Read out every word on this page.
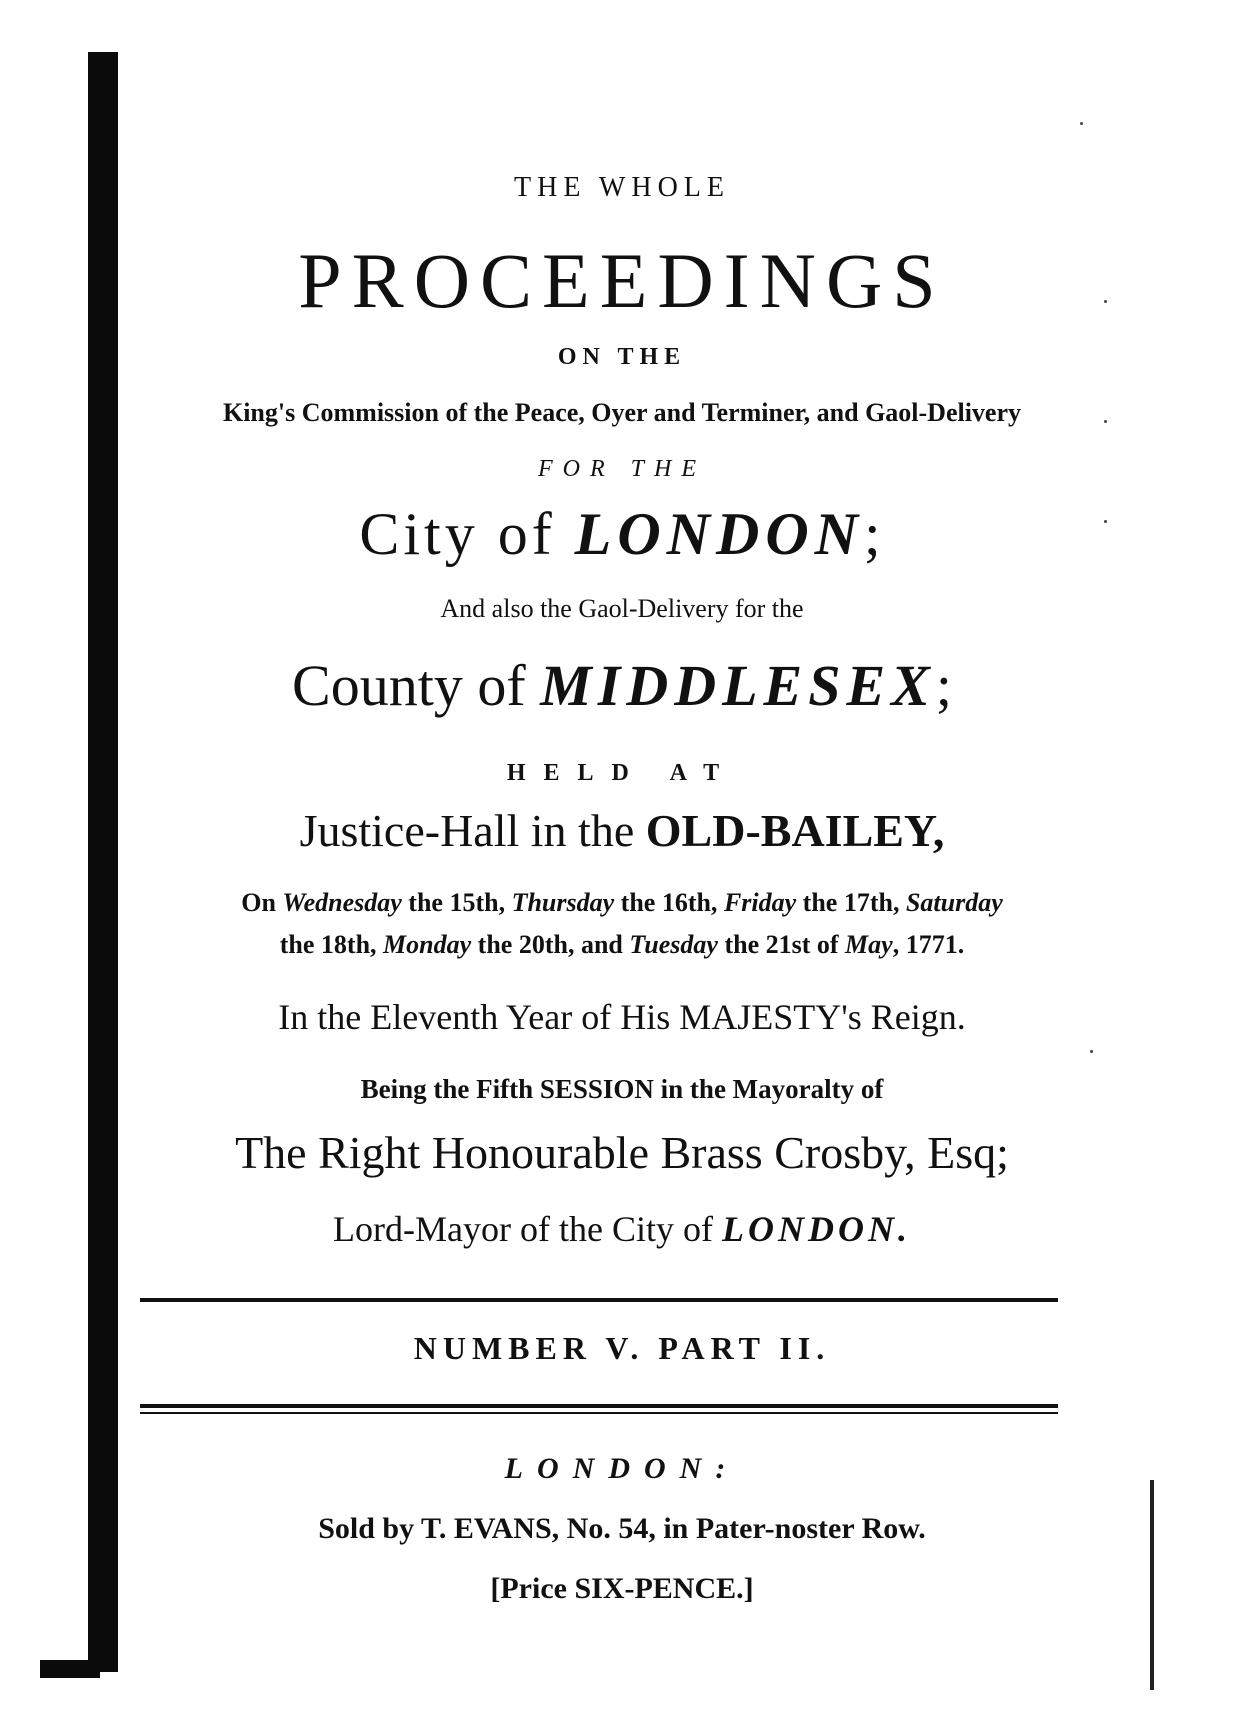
THE WHOLE
PROCEEDINGS
ON THE
King's Commission of the Peace, Oyer and Terminer, and Gaol-Delivery
FOR THE
City of LONDON;
And also the Gaol-Delivery for the
County of MIDDLESEX;
HELD AT
Justice-Hall in the OLD-BAILEY,
On Wednesday the 15th, Thursday the 16th, Friday the 17th, Saturday
the 18th, Monday the 20th, and Tuesday the 21st of May, 1771.
In the Eleventh Year of His MAJESTY's Reign.
Being the Fifth SESSION in the Mayoralty of
The Right Honourable Brass Crosby, Esq;
Lord-Mayor of the City of LONDON.
NUMBER V. PART II.
LONDON:
Sold by T. EVANS, No. 54, in Pater-noster Row.
[Price SIX-PENCE.]
